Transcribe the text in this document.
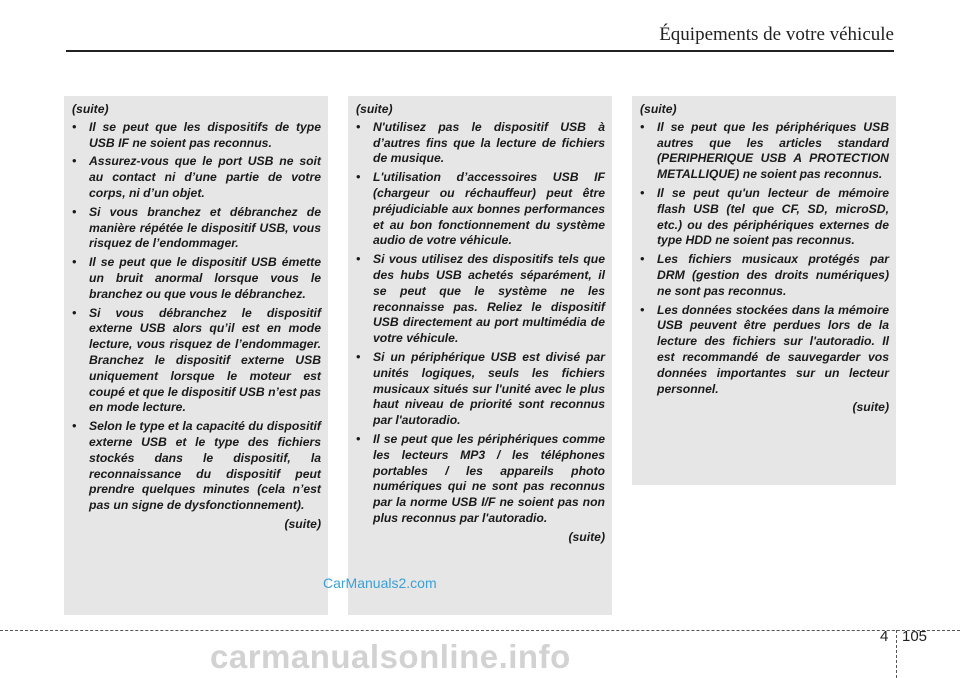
Équipements de votre véhicule
(suite)
• Il se peut que les dispositifs de type USB IF ne soient pas reconnus.
• Assurez-vous que le port USB ne soit au contact ni d’une partie de votre corps, ni d’un objet.
• Si vous branchez et débranchez de manière répétée le dispositif USB, vous risquez de l’endommager.
• Il se peut que le dispositif USB émette un bruit anormal lorsque vous le branchez ou que vous le débranchez.
• Si vous débranchez le dispositif externe USB alors qu’il est en mode lecture, vous risquez de l’endommager. Branchez le dispositif externe USB uniquement lorsque le moteur est coupé et que le dispositif USB n’est pas en mode lecture.
• Selon le type et la capacité du dispositif externe USB et le type des fichiers stockés dans le dispositif, la reconnaissance du dispositif peut prendre quelques minutes (cela n’est pas un signe de dysfonctionnement).
(suite)
(suite)
• N'utilisez pas le dispositif USB à d’autres fins que la lecture de fichiers de musique.
• L'utilisation d’accessoires USB IF (chargeur ou réchauffeur) peut être préjudiciable aux bonnes performances et au bon fonctionnement du système audio de votre véhicule.
• Si vous utilisez des dispositifs tels que des hubs USB achetés séparément, il se peut que le système ne les reconnaisse pas. Reliez le dispositif USB directement au port multimédia de votre véhicule.
• Si un périphérique USB est divisé par unités logiques, seuls les fichiers musicaux situés sur l'unité avec le plus haut niveau de priorité sont reconnus par l'autoradio.
• Il se peut que les périphériques comme les lecteurs MP3 / les téléphones portables / les appareils photo numériques qui ne sont pas reconnus par la norme USB I/F ne soient pas non plus reconnus par l'autoradio.
(suite)
(suite)
• Il se peut que les périphériques USB autres que les articles standard (PERIPHERIQUE USB A PROTECTION METALLIQUE) ne soient pas reconnus.
• Il se peut qu'un lecteur de mémoire flash USB (tel que CF, SD, microSD, etc.) ou des périphériques externes de type HDD ne soient pas reconnus.
• Les fichiers musicaux protégés par DRM (gestion des droits numériques) ne sont pas reconnus.
• Les données stockées dans la mémoire USB peuvent être perdues lors de la lecture des fichiers sur l'autoradio. Il est recommandé de sauvegarder vos données importantes sur un lecteur personnel.
(suite)
CarManuals2.com
4 105
carmanualsonline.info
